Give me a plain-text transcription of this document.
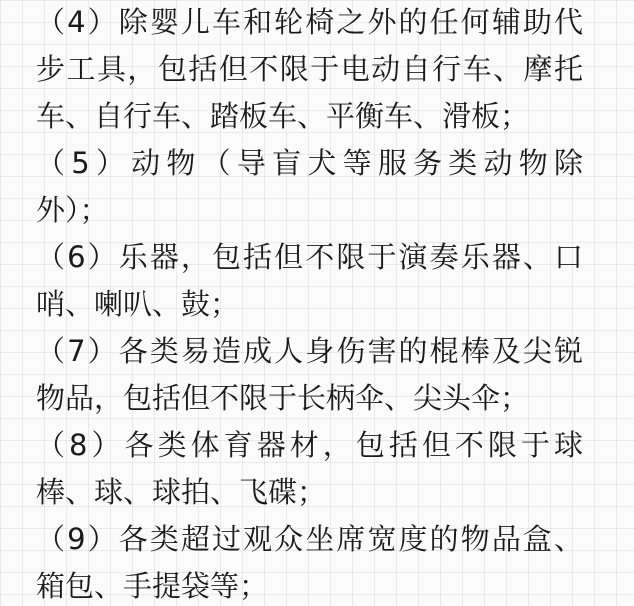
（4）除婴儿车和轮椅之外的任何辅助代
步工具，包括但不限于电动自行车、摩托
车、自行车、踏板车、平衡车、滑板；
（5）动物（导盲犬等服务类动物除
外）；
（6）乐器，包括但不限于演奏乐器、口
哨、喇叭、鼓；
（7）各类易造成人身伤害的棍棒及尖锐
物品，包括但不限于长柄伞、尖头伞；
（8）各类体育器材，包括但不限于球
棒、球、球拍、飞碟；
（9）各类超过观众坐席宽度的物品盒、
箱包、手提袋等；
